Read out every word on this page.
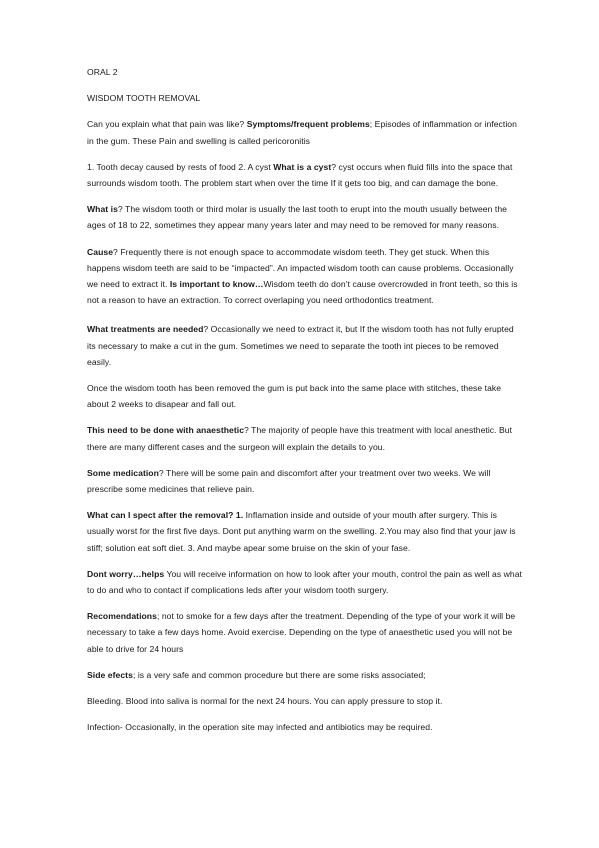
ORAL 2

WISDOM TOOTH REMOVAL

Can you explain what that pain was like? Symptoms/frequent problems; Episodes of inflammation or infection in the gum. These Pain and swelling is called pericoronitis

1. Tooth decay caused by rests of food 2. A cyst What is a cyst? cyst occurs when fluid fills into the space that surrounds wisdom tooth. The problem start when over the time If it gets too big, and can damage the bone.

What is? The wisdom tooth or third molar is usually the last tooth to erupt into the mouth usually between the ages of 18 to 22, sometimes they appear many years later and may need to be removed for many reasons.

Cause? Frequently there is not enough space to accommodate wisdom teeth. They get stuck. When this happens wisdom teeth are said to be “impacted”. An impacted wisdom tooth can cause problems. Occasionally we need to extract it. Is important to know…Wisdom teeth do don’t cause overcrowded in front teeth, so this is not a reason to have an extraction. To correct overlaping you need orthodontics treatment.

What treatments are needed? Occasionally we need to extract it, but If the wisdom tooth has not fully erupted its necessary to make a cut in the gum. Sometimes we need to separate the tooth int pieces to be removed easily.

Once the wisdom tooth has been removed the gum is put back into the same place with stitches, these take about 2 weeks to disapear and fall out.

This need to be done with anaesthetic? The majority of people have this treatment with local anesthetic. But there are many different cases and the surgeon will explain the details to you.

Some medication? There will be some pain and discomfort after your treatment over two weeks. We will prescribe some medicines that relieve pain.

What can I spect after the removal? 1. Inflamation inside and outside of your mouth after surgery. This is usually worst for the first five days. Dont put anything warm on the swelling. 2.You may also find that your jaw is stiff; solution eat soft diet. 3. And maybe apear some bruise on the skin of your fase.

Dont worry…helps You will receive information on how to look after your mouth, control the pain as well as what to do and who to contact if complications leds after your wisdom tooth surgery.

Recomendations; not to smoke for a few days after the treatment. Depending of the type of your work it will be necessary to take a few days home. Avoid exercise. Depending on the type of anaesthetic used you will not be able to drive for 24 hours

Side efects; is a very safe and common procedure but there are some risks associated;

Bleeding. Blood into saliva is normal for the next 24 hours. You can apply pressure to stop it.

Infection- Occasionally, in the operation site may infected and antibiotics may be required.
